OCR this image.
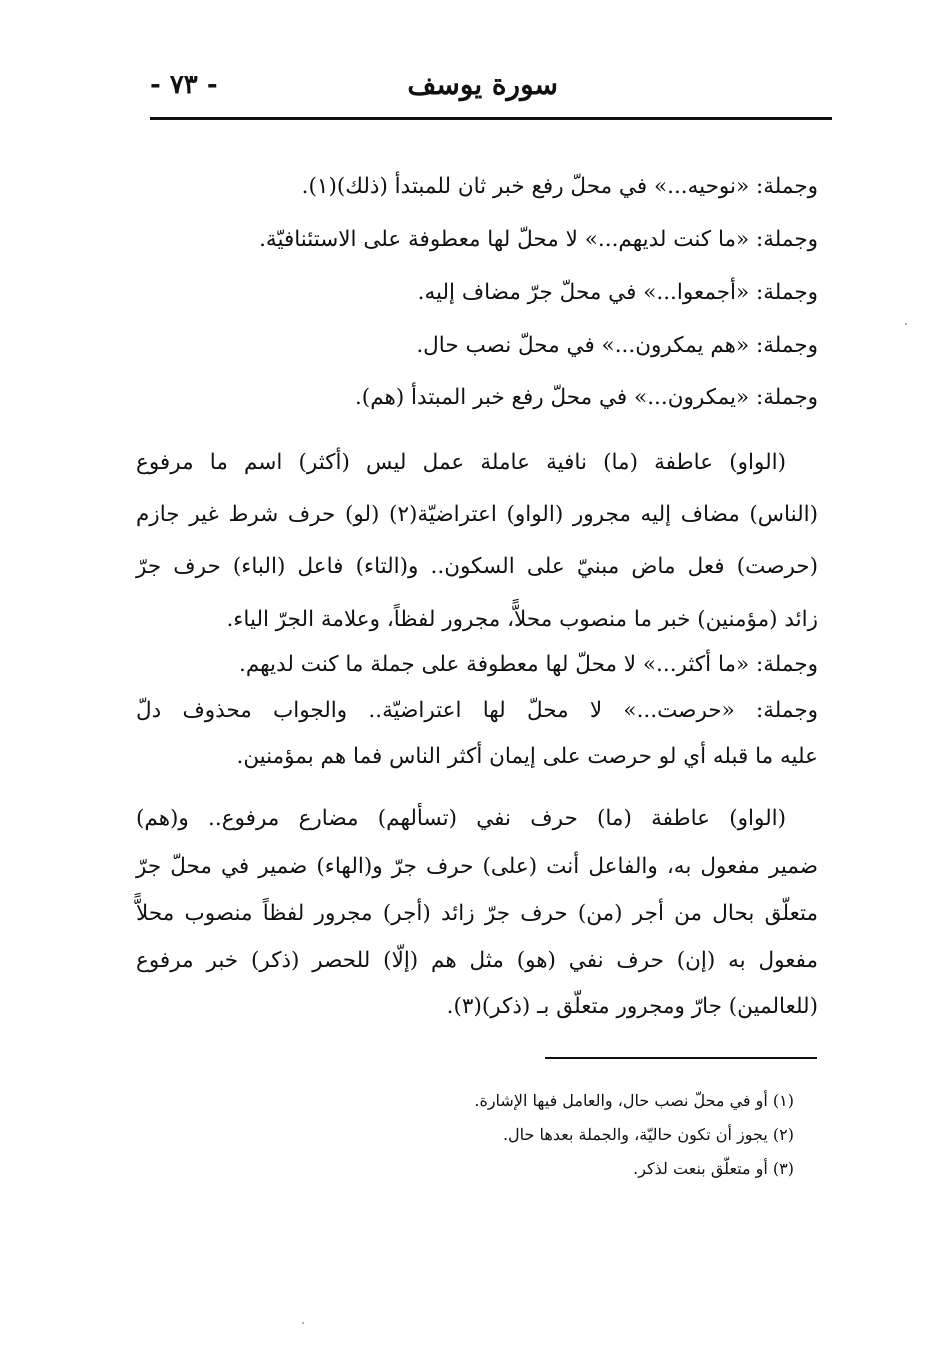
سورة يوسف
- ٧٣ -
وجملة: «نوحيه...» في محلّ رفع خبر ثان للمبتدأ (ذلك)(١).
وجملة: «ما كنت لديهم...» لا محلّ لها معطوفة على الاستئنافيّة.
وجملة: «أجمعوا...» في محلّ جرّ مضاف إليه.
وجملة: «هم يمكرون...» في محلّ نصب حال.
وجملة: «يمكرون...» في محلّ رفع خبر المبتدأ (هم).
(الواو) عاطفة (ما) نافية عاملة عمل ليس (أكثر) اسم ما مرفوع
(الناس) مضاف إليه مجرور (الواو) اعتراضيّة(٢) (لو) حرف شرط غير جازم
(حرصت) فعل ماض مبنيّ على السكون.. و(التاء) فاعل (الباء) حرف جرّ
زائد (مؤمنين) خبر ما منصوب محلاًّ، مجرور لفظاً، وعلامة الجرّ الياء.
وجملة: «ما أكثر...» لا محلّ لها معطوفة على جملة ما كنت لديهم.
وجملة: «حرصت...» لا محلّ لها اعتراضيّة.. والجواب محذوف دلّ
عليه ما قبله أي لو حرصت على إيمان أكثر الناس فما هم بمؤمنين.
(الواو) عاطفة (ما) حرف نفي (تسألهم) مضارع مرفوع.. و(هم)
ضمير مفعول به، والفاعل أنت (على) حرف جرّ و(الهاء) ضمير في محلّ جرّ
متعلّق بحال من أجر (من) حرف جرّ زائد (أجر) مجرور لفظاً منصوب محلاًّ
مفعول به (إن) حرف نفي (هو) مثل هم (إلّا) للحصر (ذكر) خبر مرفوع
(للعالمين) جارّ ومجرور متعلّق بـ (ذكر)(٣).
(١) أو في محلّ نصب حال، والعامل فيها الإشارة.
(٢) يجوز أن تكون حاليّة، والجملة بعدها حال.
(٣) أو متعلّق بنعت لذكر.
